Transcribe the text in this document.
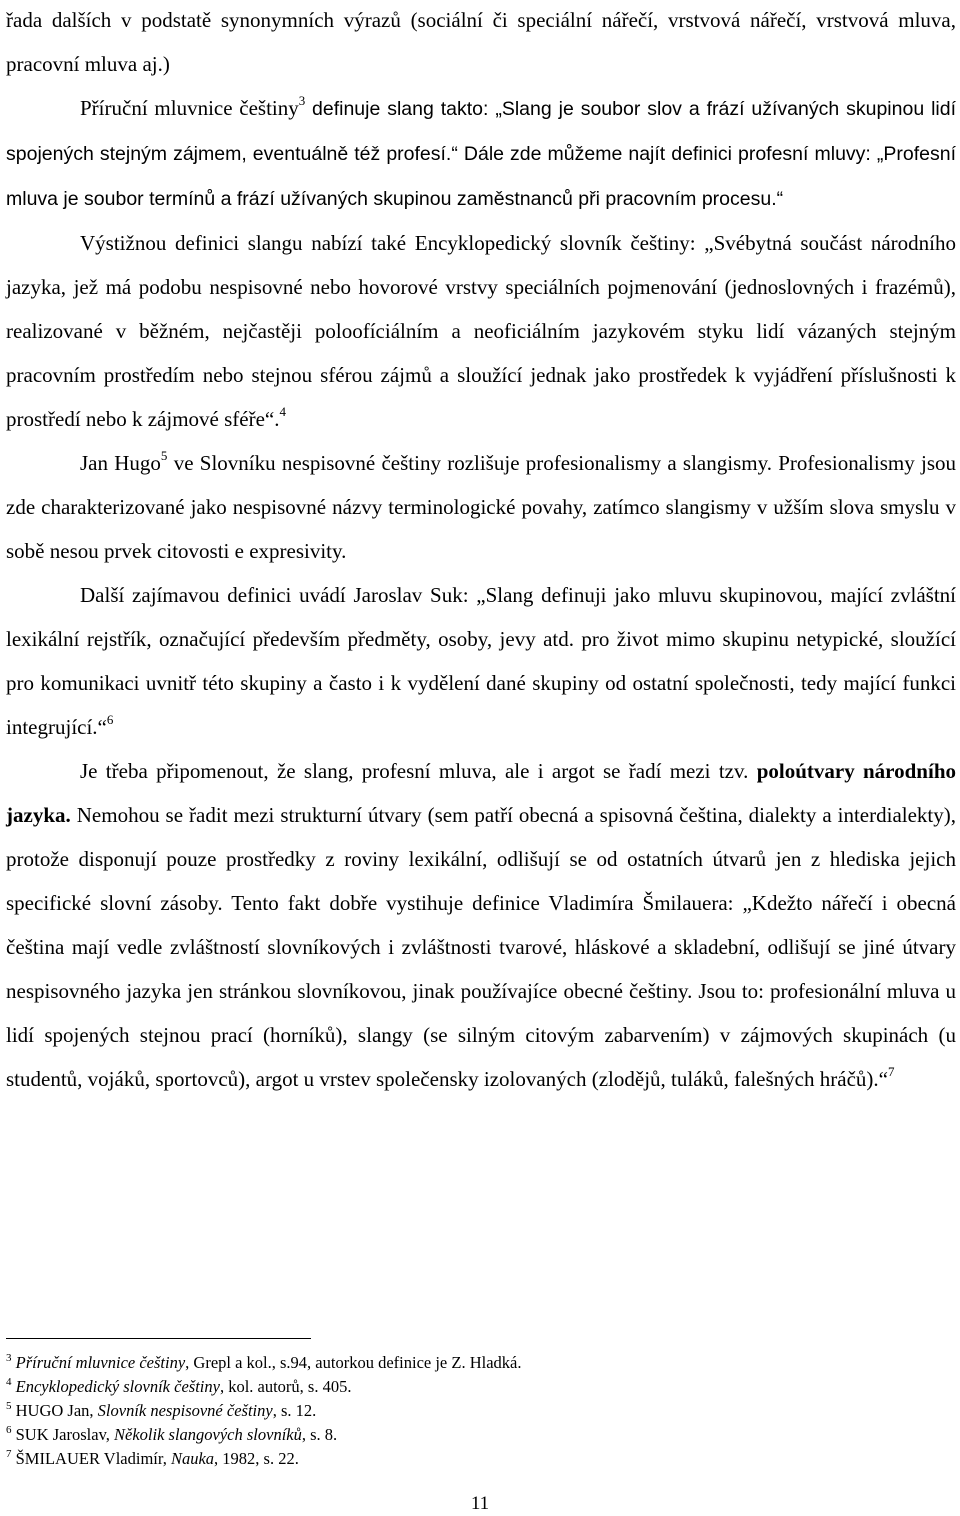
řada dalších v podstatě synonymních výrazů (sociální či speciální nářečí, vrstvová nářečí, vrstvová mluva, pracovní mluva aj.)

Příruční mluvnice češtiny$^3$ definuje slang takto: „Slang je soubor slov a frází užívaných skupinou lidí spojených stejným zájmem, eventuálně též profesí.“ Dále zde můžeme najít definici profesní mluvy: „Profesní mluva je soubor termínů a frází užívaných skupinou zaměstnanců při pracovním procesu.“

Výstižnou definici slangu nabízí také Encyklopedický slovník češtiny: „Svébytná součást národního jazyka, jež má podobu nespisovné nebo hovorové vrstvy speciálních pojmenování (jednoslovných i frazémů), realizované v běžném, nejčastěji poloofíciálním a neoficiálním jazykovém styku lidí vázaných stejným pracovním prostředím nebo stejnou sférou zájmů a sloužící jednak jako prostředek k vyjádření příslušnosti k prostředí nebo k zájmové sféře“.$^4$

Jan Hugo$^5$ ve Slovníku nespisovné češtiny rozlišuje profesionalismy a slangismy. Profesionalismy jsou zde charakterizované jako nespisovné názvy terminologické povahy, zatímco slangismy v užším slova smyslu v sobě nesou prvek citovosti e expresivity.

Další zajímavou definici uvádí Jaroslav Suk: „Slang definuji jako mluvu skupinovou, mající zvláštní lexikální rejstřík, označující především předměty, osoby, jevy atd. pro život mimo skupinu netypické, sloužící pro komunikaci uvnitř této skupiny a často i k vydělení dané skupiny od ostatní společnosti, tedy mající funkci integrující.“$^6$

Je třeba připomenout, že slang, profesní mluva, ale i argot se řadí mezi tzv. poloútvary národního jazyka. Nemohou se řadit mezi strukturní útvary (sem patří obecná a spisovná čeština, dialekty a interdialekty), protože disponují pouze prostředky z roviny lexikální, odlišují se od ostatních útvarů jen z hlediska jejich specifické slovní zásoby. Tento fakt dobře vystihuje definice Vladimíra Šmilauera: „Kdežto nářečí i obecná čeština mají vedle zvláštností slovníkových i zvláštnosti tvarové, hláskové a skladební, odlišují se jiné útvary nespisovného jazyka jen stránkou slovníkovou, jinak používajíce obecné češtiny. Jsou to: profesionální mluva u lidí spojených stejnou prací (horníků), slangy (se silným citovým zabarvením) v zájmových skupinách (u studentů, vojáků, sportovců), argot u vrstev společensky izolovaných (zlodějů, tuláků, falešných hráčů).“$^7$

$^3$ Příruční mluvnice češtiny, Grepl a kol., s.94, autorkou definice je Z. Hladká.
$^4$ Encyklopedický slovník češtiny, kol. autorů, s. 405.
$^5$ HUGO Jan, Slovník nespisovné češtiny, s. 12.
$^6$ SUK Jaroslav, Několik slangových slovníků, s. 8.
$^7$ ŠMILAUER Vladimír, Nauka, 1982, s. 22.
11
